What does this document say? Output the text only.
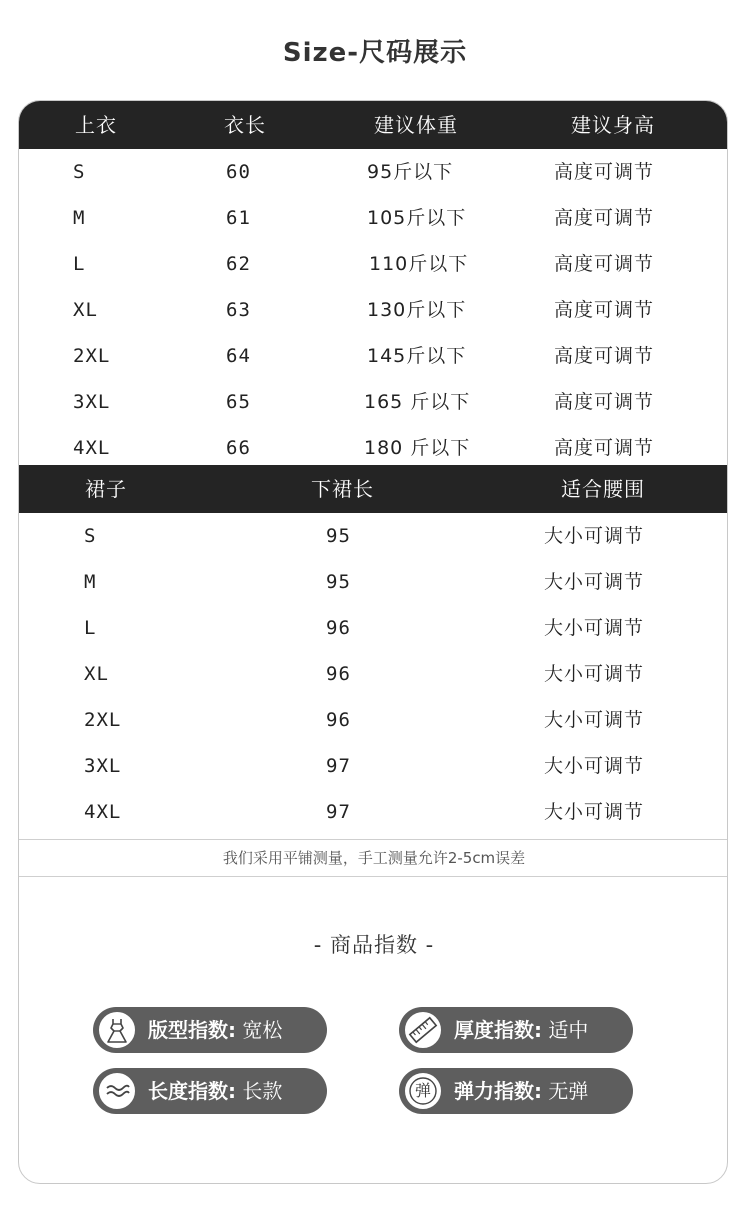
Size-尺码展示
上衣	衣长	建议体重	建议身高
S	60	95斤以下	高度可调节
M	61	105斤以下	高度可调节
L	62	110斤以下	高度可调节
XL	63	130斤以下	高度可调节
2XL	64	145斤以下	高度可调节
3XL	65	165 斤以下	高度可调节
4XL	66	180 斤以下	高度可调节
裙子	下裙长	适合腰围
S	95	大小可调节
M	95	大小可调节
L	96	大小可调节
XL	96	大小可调节
2XL	96	大小可调节
3XL	97	大小可调节
4XL	97	大小可调节
我们采用平铺测量，手工测量允许2-5cm误差
- 商品指数 -
版型指数: 宽松	厚度指数: 适中
长度指数: 长款	弹	弹力指数: 无弹
